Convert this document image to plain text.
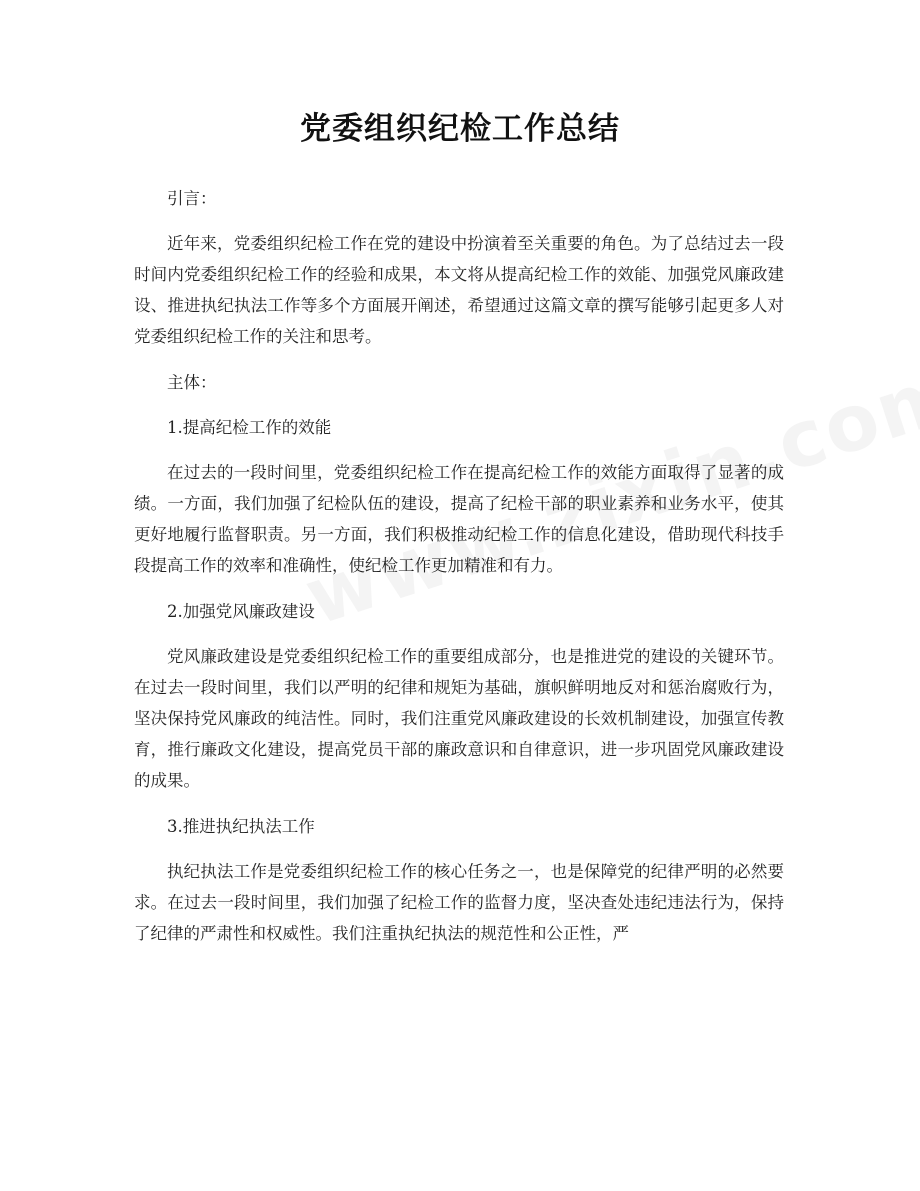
党委组织纪检工作总结

引言：

近年来，党委组织纪检工作在党的建设中扮演着至关重要的角色。为了总结过去一段时间内党委组织纪检工作的经验和成果，本文将从提高纪检工作的效能、加强党风廉政建设、推进执纪执法工作等多个方面展开阐述，希望通过这篇文章的撰写能够引起更多人对党委组织纪检工作的关注和思考。

主体：

1.提高纪检工作的效能

在过去的一段时间里，党委组织纪检工作在提高纪检工作的效能方面取得了显著的成绩。一方面，我们加强了纪检队伍的建设，提高了纪检干部的职业素养和业务水平，使其更好地履行监督职责。另一方面，我们积极推动纪检工作的信息化建设，借助现代科技手段提高工作的效率和准确性，使纪检工作更加精准和有力。

2.加强党风廉政建设

党风廉政建设是党委组织纪检工作的重要组成部分，也是推进党的建设的关键环节。在过去一段时间里，我们以严明的纪律和规矩为基础，旗帜鲜明地反对和惩治腐败行为，坚决保持党风廉政的纯洁性。同时，我们注重党风廉政建设的长效机制建设，加强宣传教育，推行廉政文化建设，提高党员干部的廉政意识和自律意识，进一步巩固党风廉政建设的成果。

3.推进执纪执法工作

执纪执法工作是党委组织纪检工作的核心任务之一，也是保障党的纪律严明的必然要求。在过去一段时间里，我们加强了纪检工作的监督力度，坚决查处违纪违法行为，保持了纪律的严肃性和权威性。我们注重执纪执法的规范性和公正性，严
